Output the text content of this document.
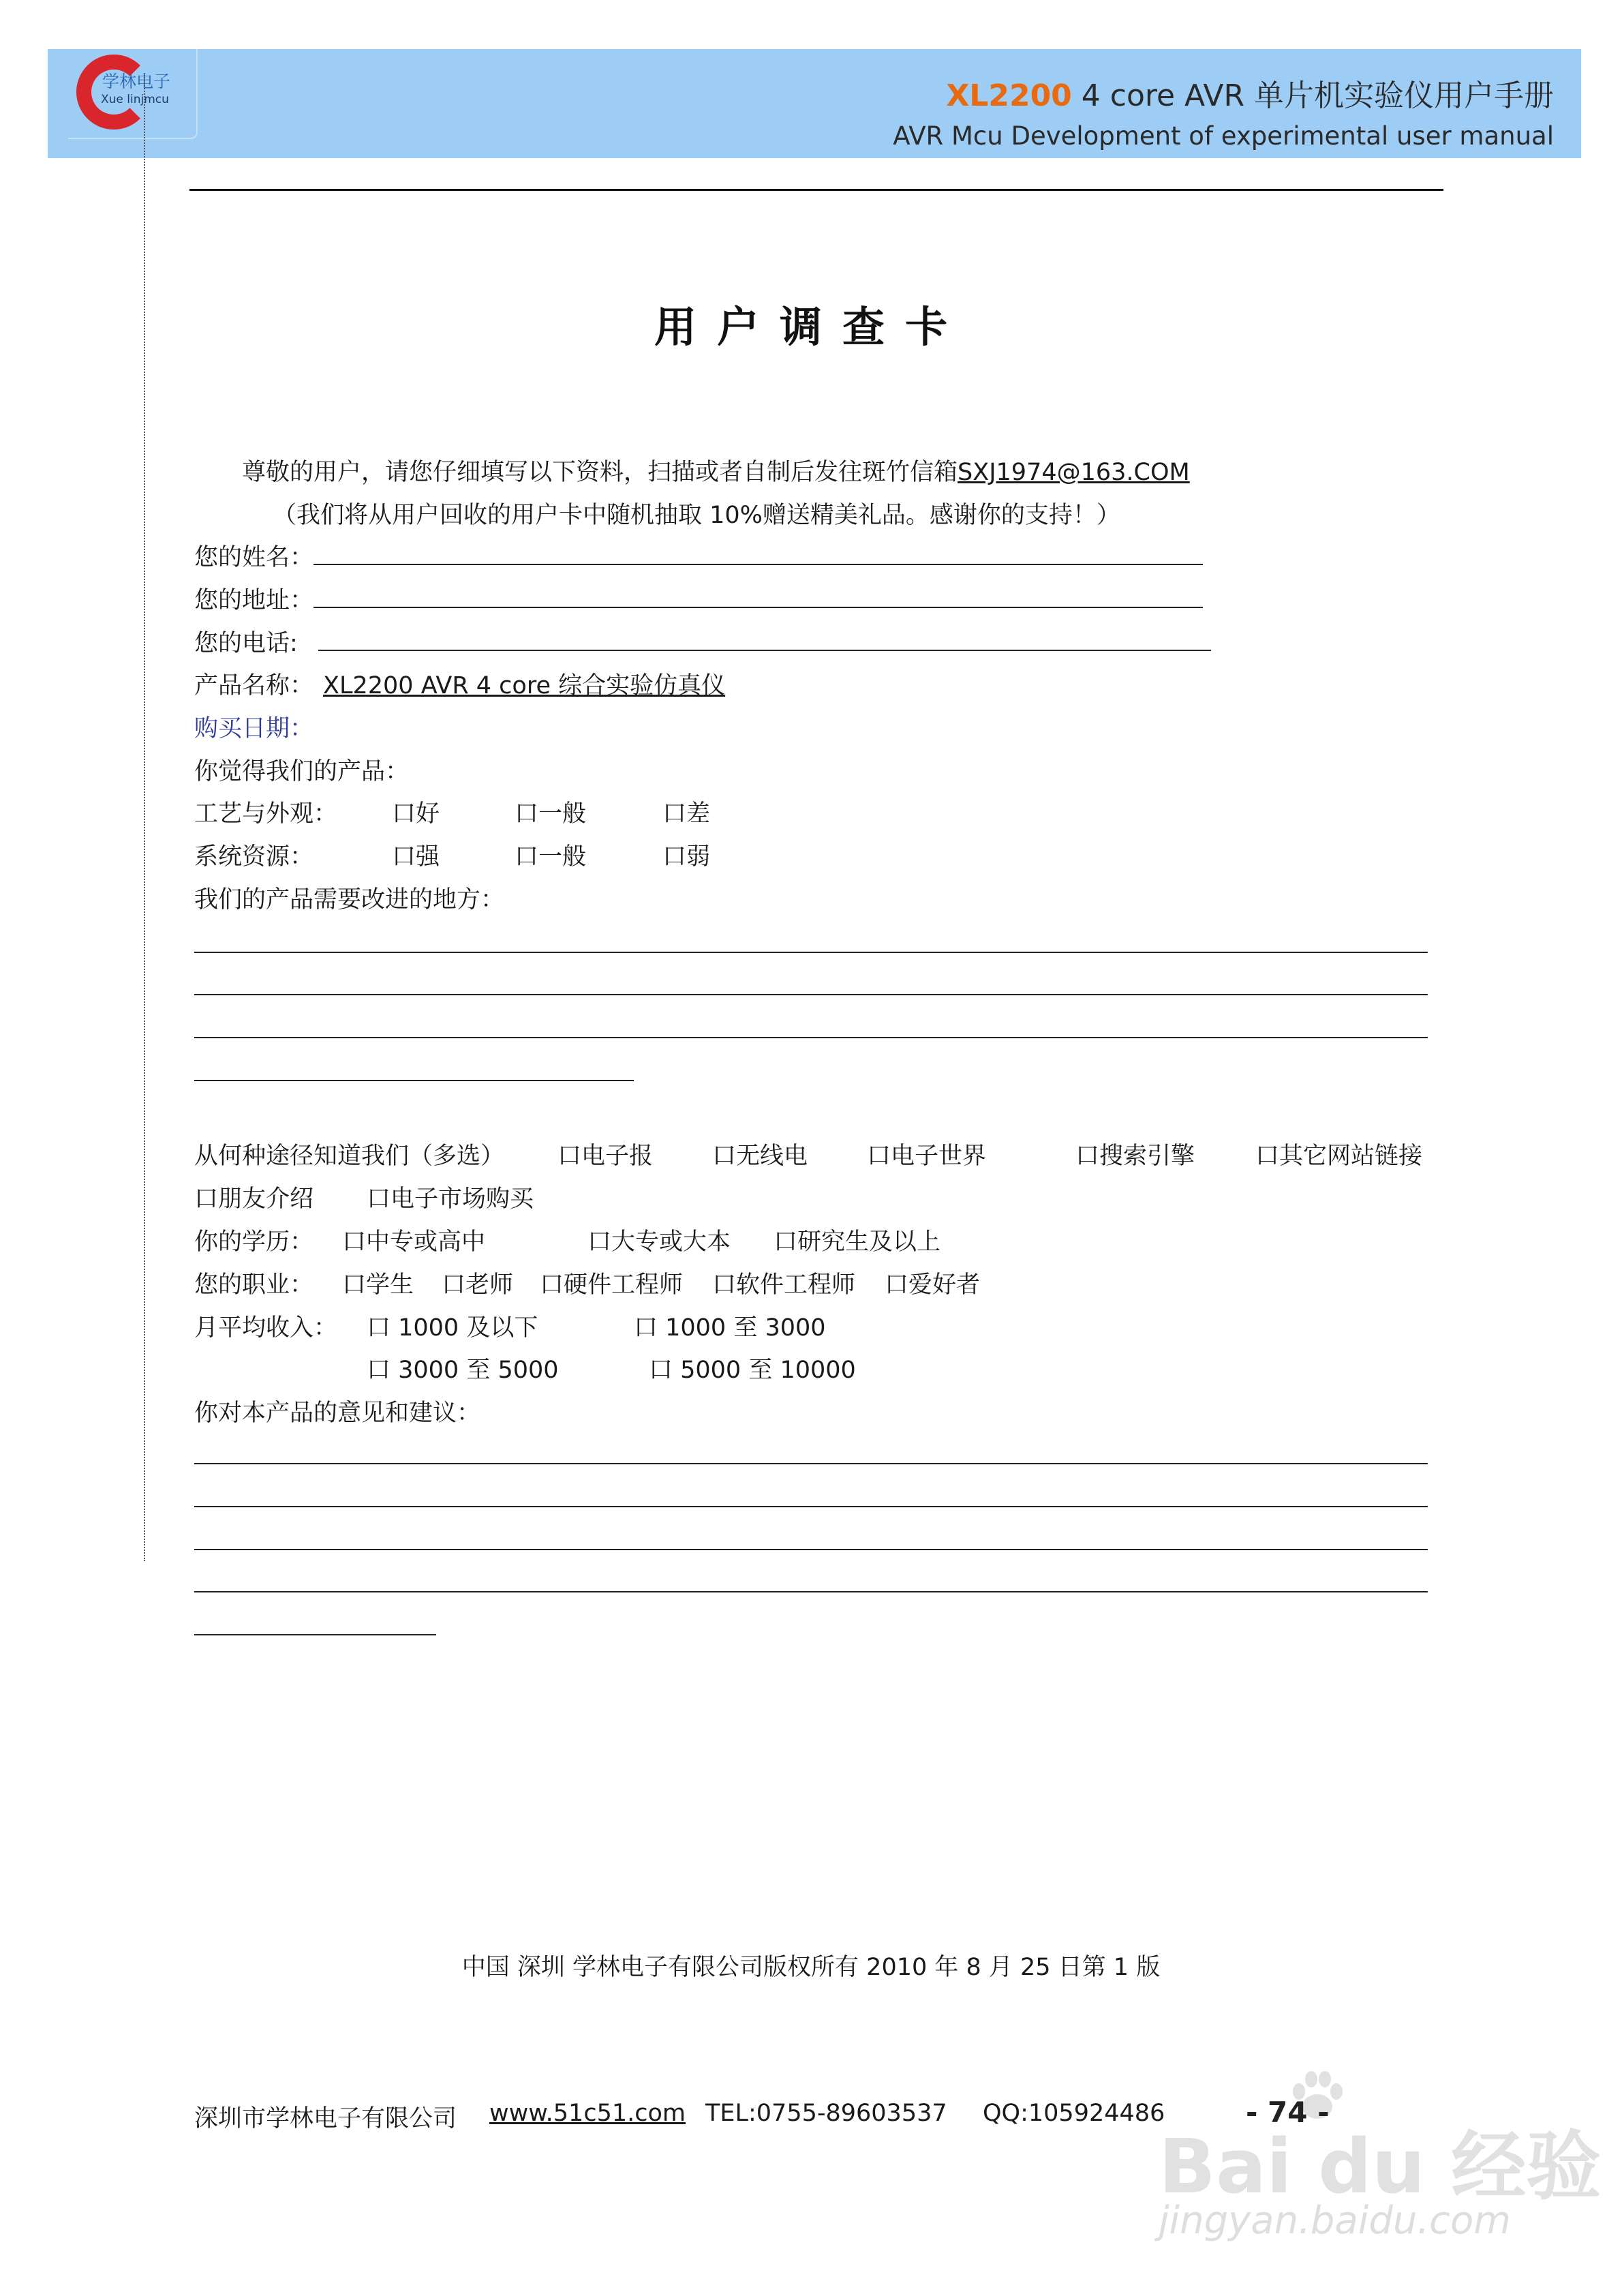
学林电子
Xue linjmcu	XL2200 4 core AVR 单片机实验仪用户手册
AVR Mcu Development of experimental user manual
用户调查卡
尊敬的用户，请您仔细填写以下资料，扫描或者自制后发往斑竹信箱SXJ1974@163.COM
（我们将从用户回收的用户卡中随机抽取 10%赠送精美礼品。感谢你的支持！）
您的姓名：
您的地址：
您的电话:
产品名称： XL2200 AVR 4 core 综合实验仿真仪
购买日期：
你觉得我们的产品：
工艺与外观： 口好	口一般	口差
系统资源：	口强	口一般	口弱
我们的产品需要改进的地方：
从何种途径知道我们（多选） 口电子报 口无线电 口电子世界	口搜索引擎	口其它网站链接
口朋友介绍 口电子市场购买
你的学历： 口中专或高中	口大专或大本 口研究生及以上
您的职业： 口学生 口老师 口硬件工程师 口软件工程师 口爱好者
月平均收入： 口 1000 及以下	口 1000 至 3000
口 3000 至 5000	口 5000 至 10000
你对本产品的意见和建议：
中国 深圳 学林电子有限公司版权所有 2010 年 8 月 25 日第 1 版
Bai du 经验
jingyan.baidu.com
深圳市学林电子有限公司 www.51c51.com TEL:0755-89603537 QQ:105924486	- 74 -
